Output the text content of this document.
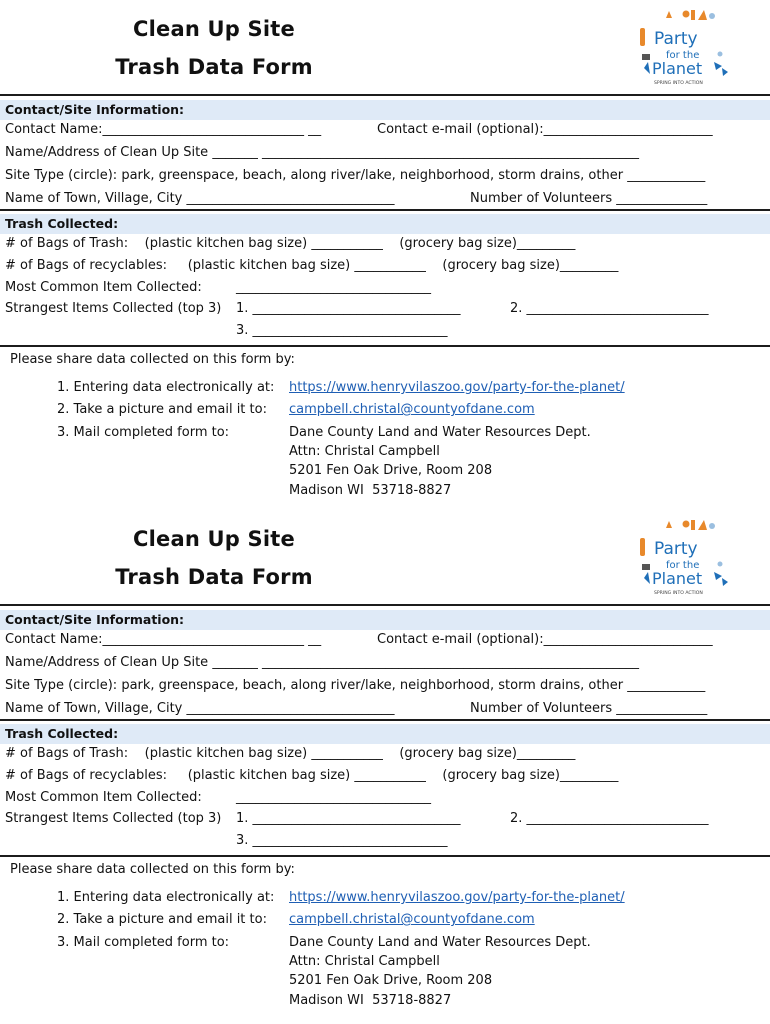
Clean Up Site
Trash Data Form
Party
for the
Planet
SPRING INTO ACTION
Contact/Site Information:
Contact Name:_______________________________ __	Contact e-mail (optional):__________________________
Name/Address of Clean Up Site _______ __________________________________________________________
Site Type (circle): park, greenspace, beach, along river/lake, neighborhood, storm drains, other ____________
Name of Town, Village, City ________________________________	Number of Volunteers ______________
Trash Collected:
# of Bags of Trash:    (plastic kitchen bag size) ___________    (grocery bag size)_________
# of Bags of recyclables:     (plastic kitchen bag size) ___________    (grocery bag size)_________
Most Common Item Collected:	______________________________
Strangest Items Collected (top 3) 1. ________________________________	2. ____________________________
3. ______________________________
Please share data collected on this form by:
1. Entering data electronically at: https://www.henryvilaszoo.gov/party-for-the-planet/
2. Take a picture and email it to: campbell.christal@countyofdane.com
3. Mail completed form to:	Dane County Land and Water Resources Dept.
Attn: Christal Campbell
5201 Fen Oak Drive, Room 208
Madison WI  53718-8827
Clean Up Site
Trash Data Form
Party
for the
Planet
SPRING INTO ACTION
Contact/Site Information:
Contact Name:_______________________________ __	Contact e-mail (optional):__________________________
Name/Address of Clean Up Site _______ __________________________________________________________
Site Type (circle): park, greenspace, beach, along river/lake, neighborhood, storm drains, other ____________
Name of Town, Village, City ________________________________	Number of Volunteers ______________
Trash Collected:
# of Bags of Trash:    (plastic kitchen bag size) ___________    (grocery bag size)_________
# of Bags of recyclables:     (plastic kitchen bag size) ___________    (grocery bag size)_________
Most Common Item Collected:	______________________________
Strangest Items Collected (top 3) 1. ________________________________	2. ____________________________
3. ______________________________
Please share data collected on this form by:
1. Entering data electronically at: https://www.henryvilaszoo.gov/party-for-the-planet/
2. Take a picture and email it to: campbell.christal@countyofdane.com
3. Mail completed form to:	Dane County Land and Water Resources Dept.
Attn: Christal Campbell
5201 Fen Oak Drive, Room 208
Madison WI  53718-8827
